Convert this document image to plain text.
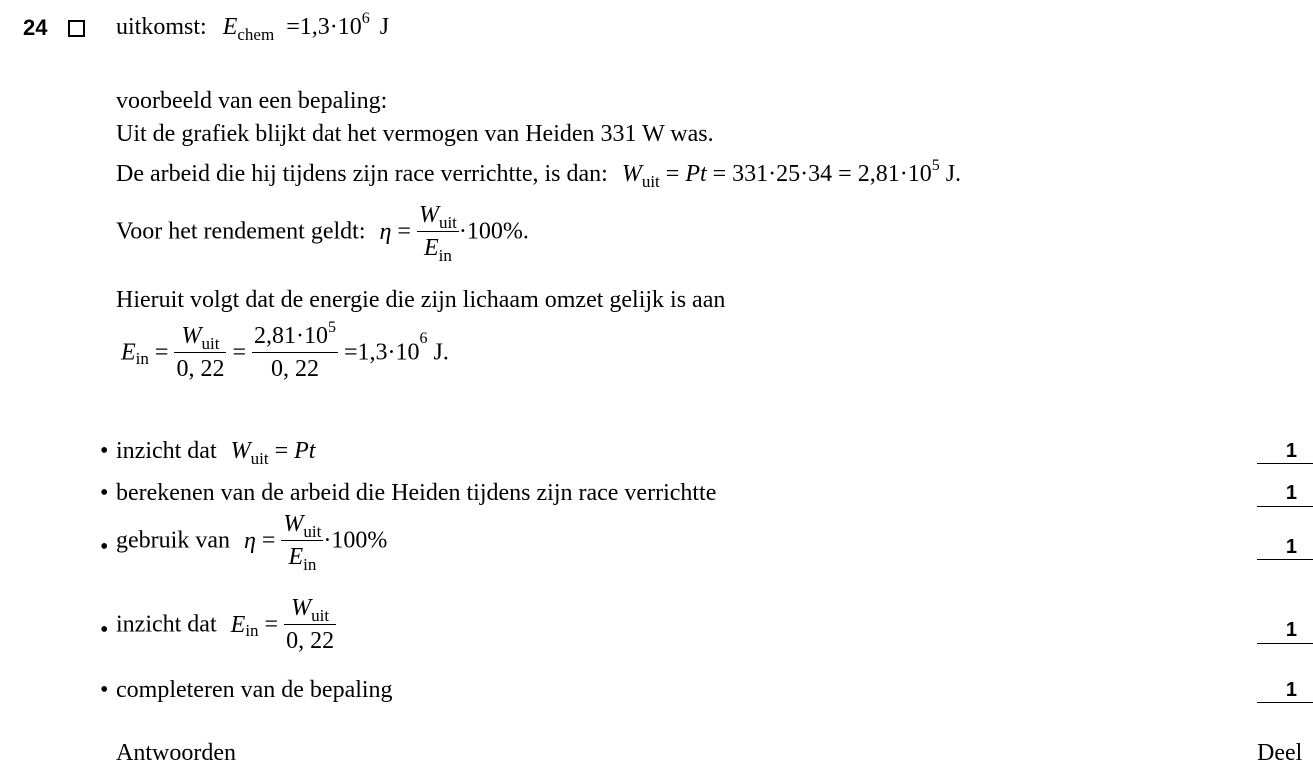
24	uitkomst: $E_{chem} =1,3\cdot 10^6$ J
voorbeeld van een bepaling:
Uit de grafiek blijkt dat het vermogen van Heiden 331 W was.
De arbeid die hij tijdens zijn race verrichtte, is dan: $W_{uit} = Pt = 331\cdot 25\cdot 34 = 2,81\cdot 10^5$ J.
Voor het rendement geldt: $\eta = \frac{W_{uit}}{E_{in}} \cdot 100\%$.
Hieruit volgt dat de energie die zijn lichaam omzet gelijk is aan
$E_{in} = \frac{W_{uit}}{0, 22} = \frac{2,81\cdot 10^5}{0, 22} =1,3\cdot 10^6$ J.
• inzicht dat $W_{uit} = Pt$	1
• berekenen van de arbeid die Heiden tijdens zijn race verrichtte	1
• gebruik van $\eta = \frac{W_{uit}}{E_{in}} \cdot 100\%$	1
• inzicht dat $E_{in} = \frac{W_{uit}}{0, 22}$	1
• completeren van de bepaling	1
Antwoorden	Deel
